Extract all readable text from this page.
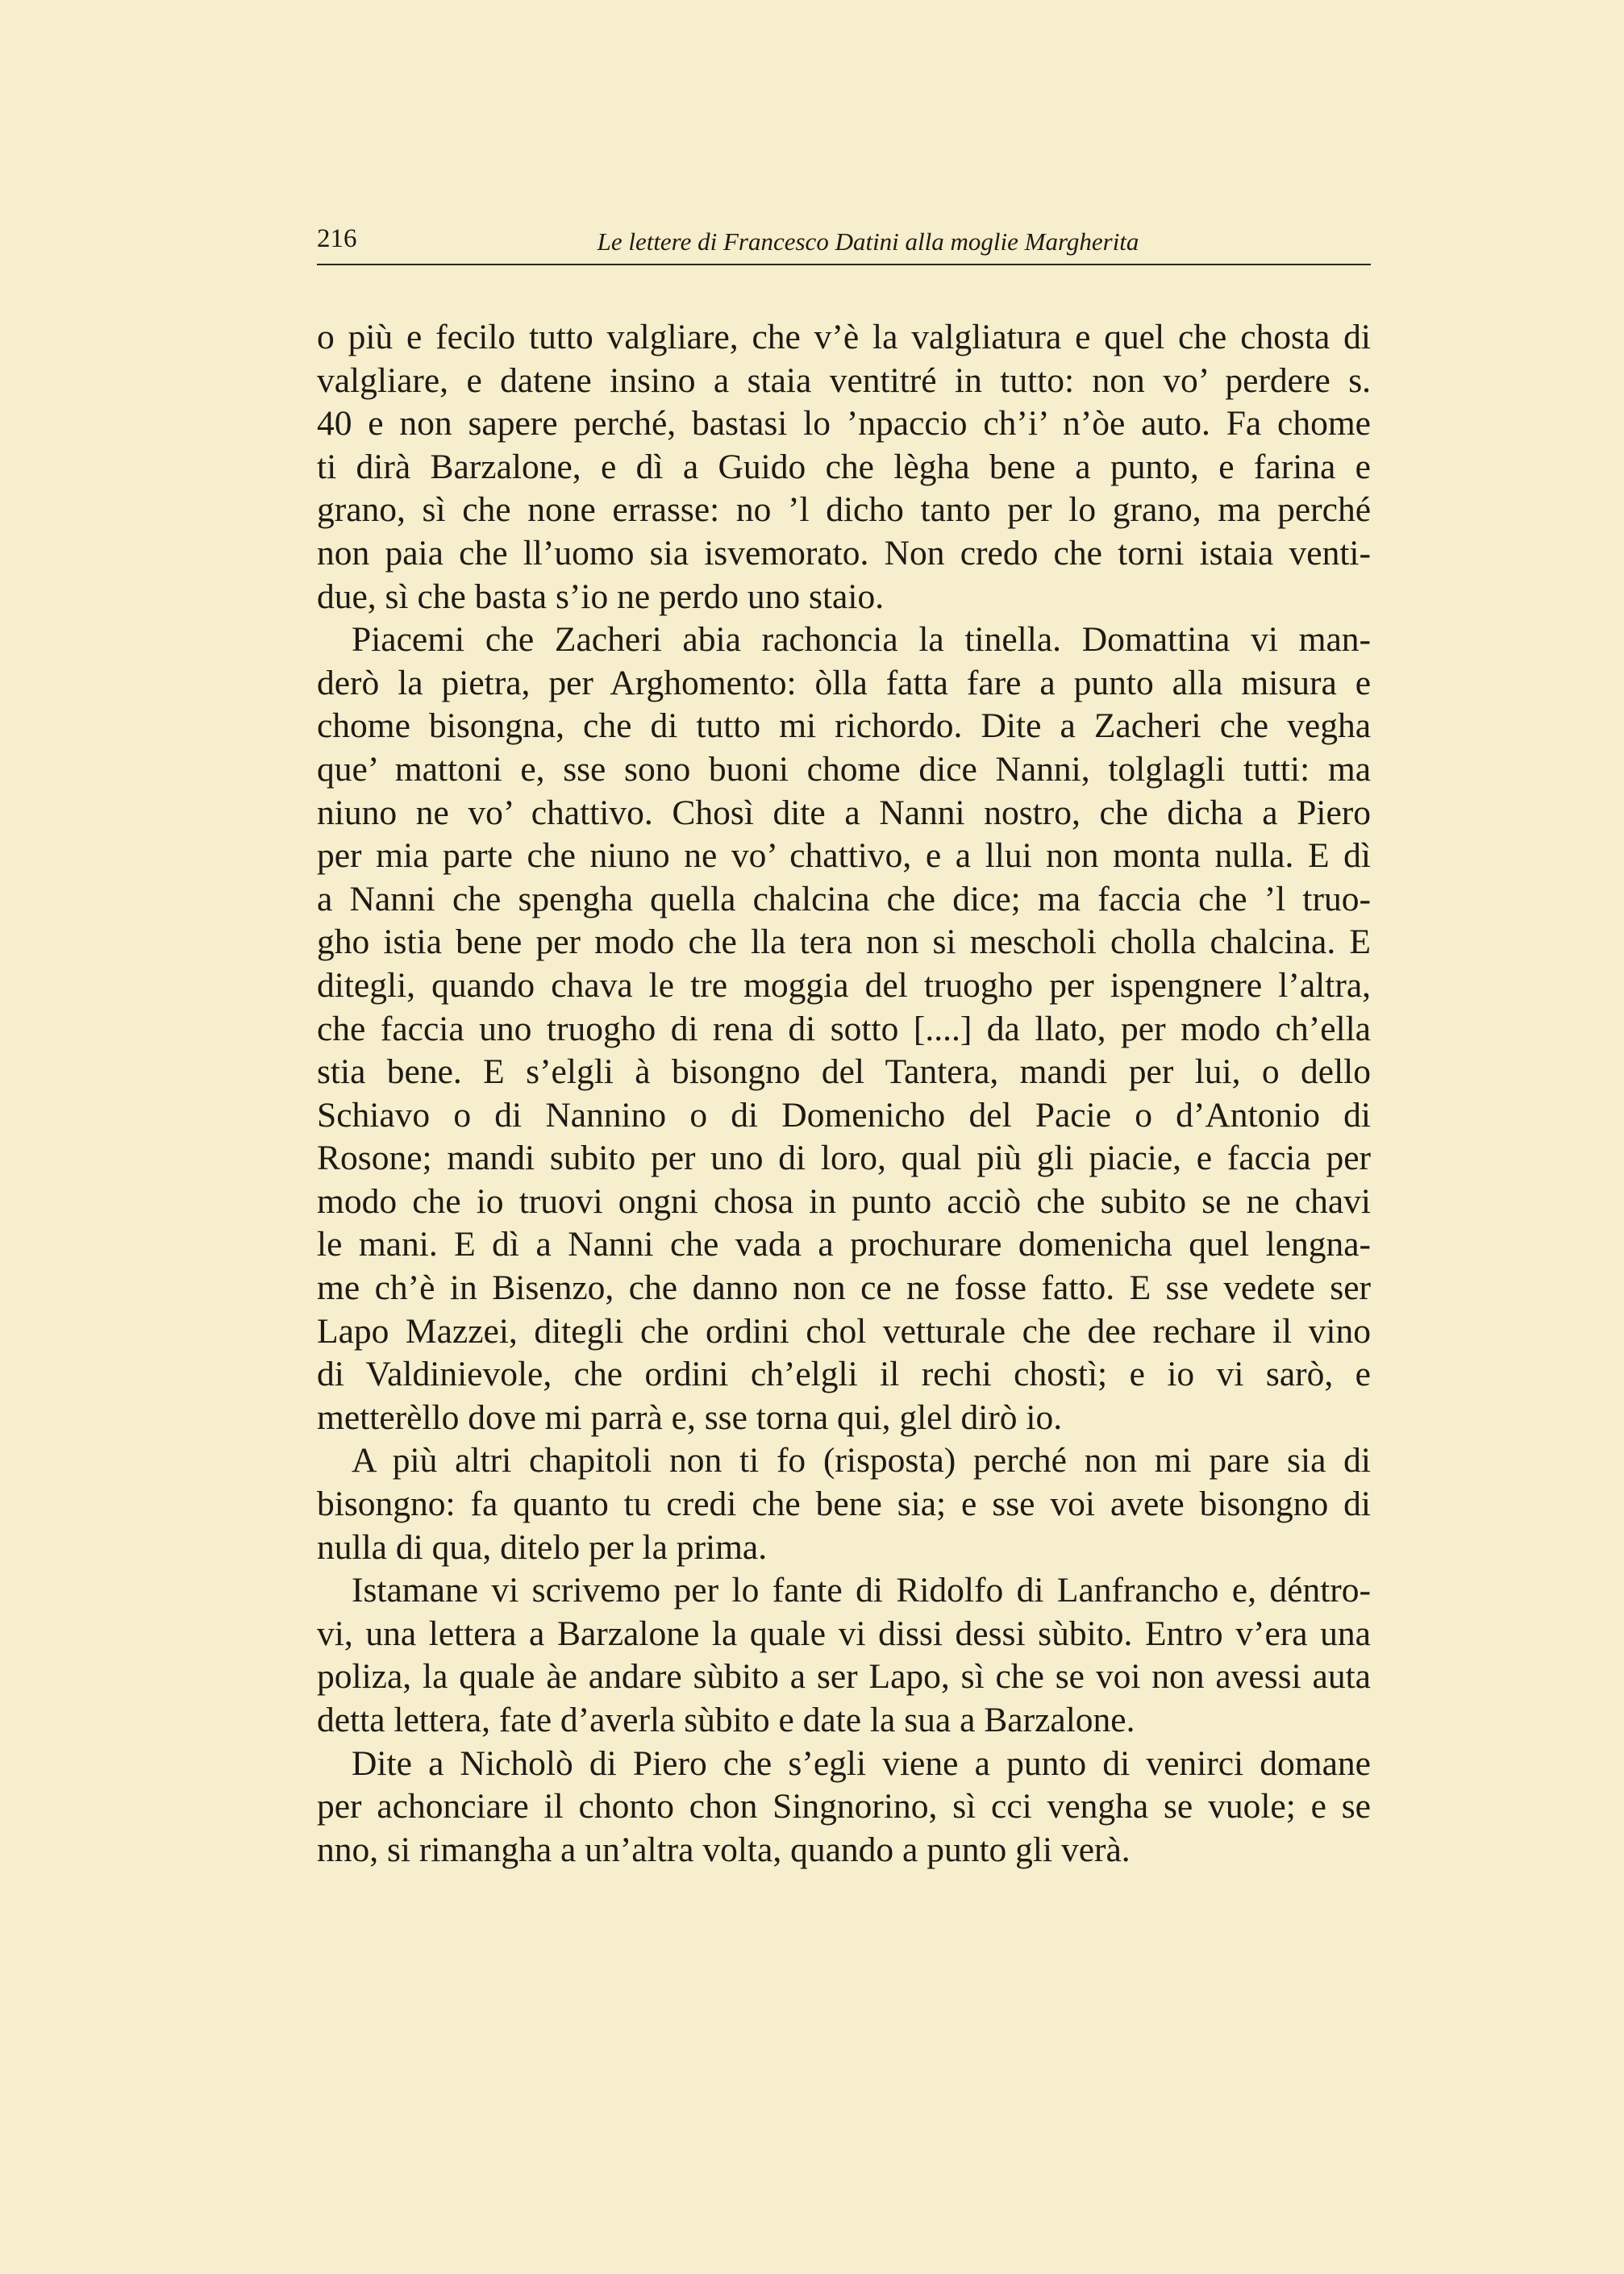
216	Le lettere di Francesco Datini alla moglie Margherita
o più e fecilo tutto valgliare, che v’è la valgliatura e quel che chosta di
valgliare, e datene insino a staia ventitré in tutto: non vo’ perdere s.
40 e non sapere perché, bastasi lo ’npaccio ch’i’ n’òe auto. Fa chome
ti dirà Barzalone, e dì a Guido che lègha bene a punto, e farina e
grano, sì che none errasse: no ’l dicho tanto per lo grano, ma perché
non paia che ll’uomo sia isvemorato. Non credo che torni istaia venti-
due, sì che basta s’io ne perdo uno staio.
Piacemi che Zacheri abia rachoncia la tinella. Domattina vi man-
derò la pietra, per Arghomento: òlla fatta fare a punto alla misura e
chome bisongna, che di tutto mi richordo. Dite a Zacheri che vegha
que’ mattoni e, sse sono buoni chome dice Nanni, tolglagli tutti: ma
niuno ne vo’ chattivo. Chosì dite a Nanni nostro, che dicha a Piero
per mia parte che niuno ne vo’ chattivo, e a llui non monta nulla. E dì
a Nanni che spengha quella chalcina che dice; ma faccia che ’l truo-
gho istia bene per modo che lla tera non si mescholi cholla chalcina. E
ditegli, quando chava le tre moggia del truogho per ispengnere l’altra,
che faccia uno truogho di rena di sotto [....] da llato, per modo ch’ella
stia bene. E s’elgli à bisongno del Tantera, mandi per lui, o dello
Schiavo o di Nannino o di Domenicho del Pacie o d’Antonio di
Rosone; mandi subito per uno di loro, qual più gli piacie, e faccia per
modo che io truovi ongni chosa in punto acciò che subito se ne chavi
le mani. E dì a Nanni che vada a prochurare domenicha quel lengna-
me ch’è in Bisenzo, che danno non ce ne fosse fatto. E sse vedete ser
Lapo Mazzei, ditegli che ordini chol vetturale che dee rechare il vino
di Valdinievole, che ordini ch’elgli il rechi chostì; e io vi sarò, e
metterèllo dove mi parrà e, sse torna qui, glel dirò io.
A più altri chapitoli non ti fo (risposta) perché non mi pare sia di
bisongno: fa quanto tu credi che bene sia; e sse voi avete bisongno di
nulla di qua, ditelo per la prima.
Istamane vi scrivemo per lo fante di Ridolfo di Lanfrancho e, déntro-
vi, una lettera a Barzalone la quale vi dissi dessi sùbito. Entro v’era una
poliza, la quale àe andare sùbito a ser Lapo, sì che se voi non avessi auta
detta lettera, fate d’averla sùbito e date la sua a Barzalone.
Dite a Nicholò di Piero che s’egli viene a punto di venirci domane
per achonciare il chonto chon Singnorino, sì cci vengha se vuole; e se
nno, si rimangha a un’altra volta, quando a punto gli verà.
